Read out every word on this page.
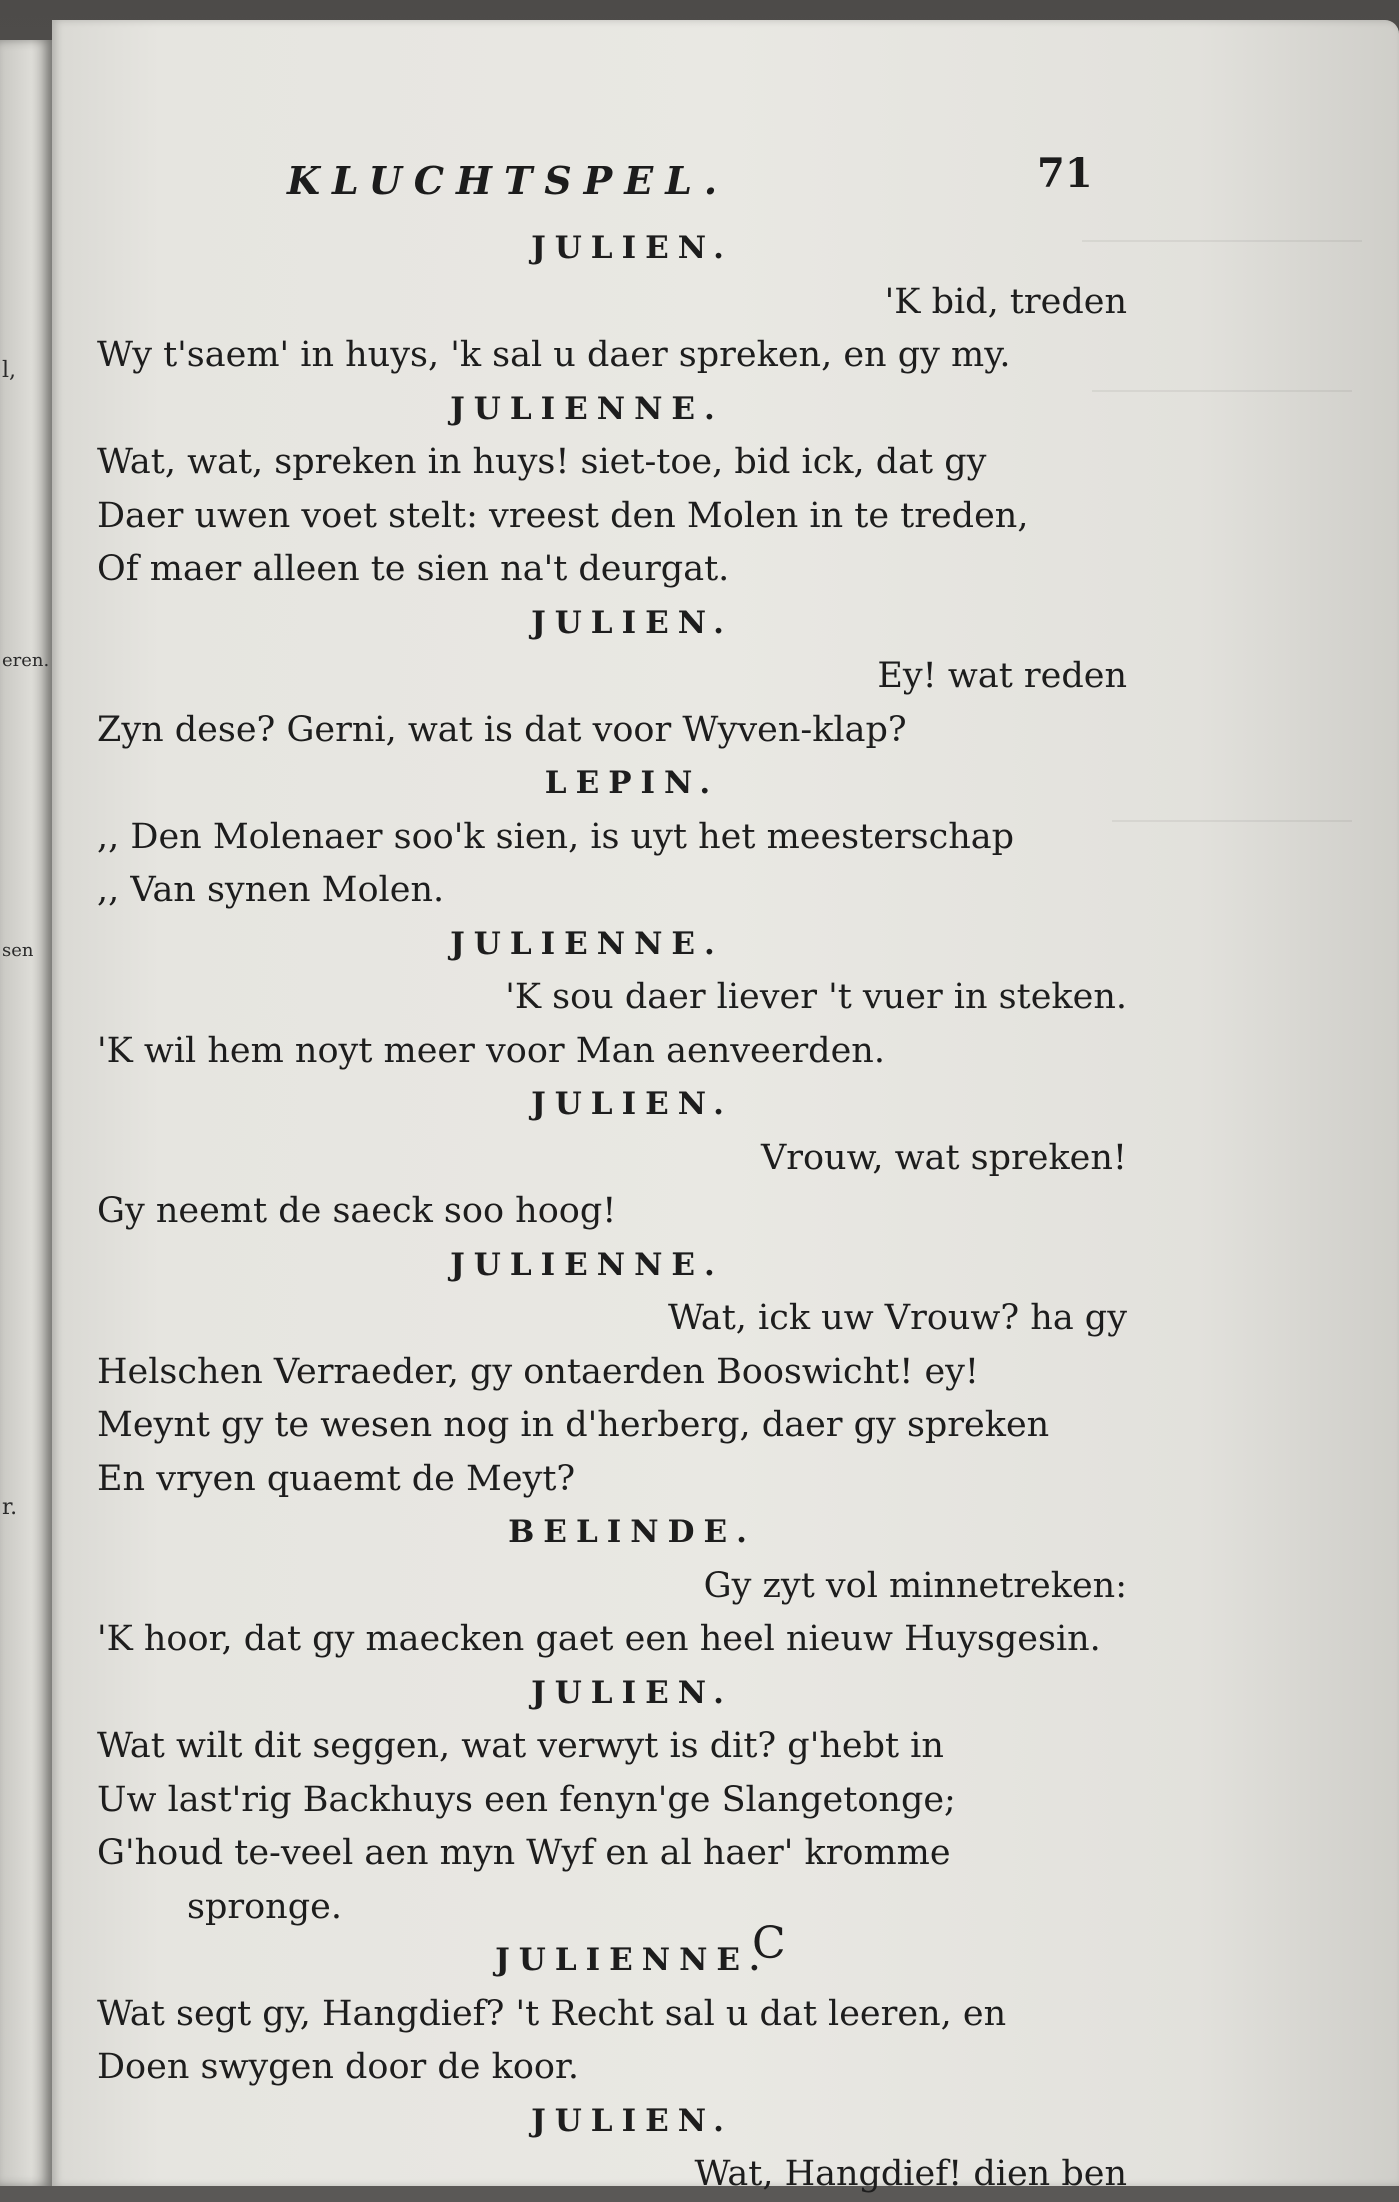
l,
eren.
sen
r.
KLUCHTSPEL.	71
JULIEN.
'K bid, treden
Wy t'saem' in huys, 'k sal u daer spreken, en gy my.
JULIENNE.
Wat, wat, spreken in huys! siet-toe, bid ick, dat gy
Daer uwen voet stelt: vreest den Molen in te treden,
Of maer alleen te sien na't deurgat.
JULIEN.
Ey! wat reden
Zyn dese? Gerni, wat is dat voor Wyven-klap?
LEPIN.
,, Den Molenaer soo'k sien, is uyt het meesterschap
,, Van synen Molen.
JULIENNE.
'K sou daer liever 't vuer in steken.
'K wil hem noyt meer voor Man aenveerden.
JULIEN.
Vrouw, wat spreken!
Gy neemt de saeck soo hoog!
JULIENNE.
Wat, ick uw Vrouw? ha gy
Helschen Verraeder, gy ontaerden Booswicht! ey!
Meynt gy te wesen nog in d'herberg, daer gy spreken
En vryen quaemt de Meyt?
BELINDE.
Gy zyt vol minnetreken:
'K hoor, dat gy maecken gaet een heel nieuw Huysgesin.
JULIEN.
Wat wilt dit seggen, wat verwyt is dit? g'hebt in
Uw last'rig Backhuys een fenyn'ge Slangetonge;
G'houd te-veel aen myn Wyf en al haer' kromme
spronge.
JULIENNE.
Wat segt gy, Hangdief? 't Recht sal u dat leeren, en
Doen swygen door de koor.
JULIEN.
Wat, Hangdief! dien ben
C
